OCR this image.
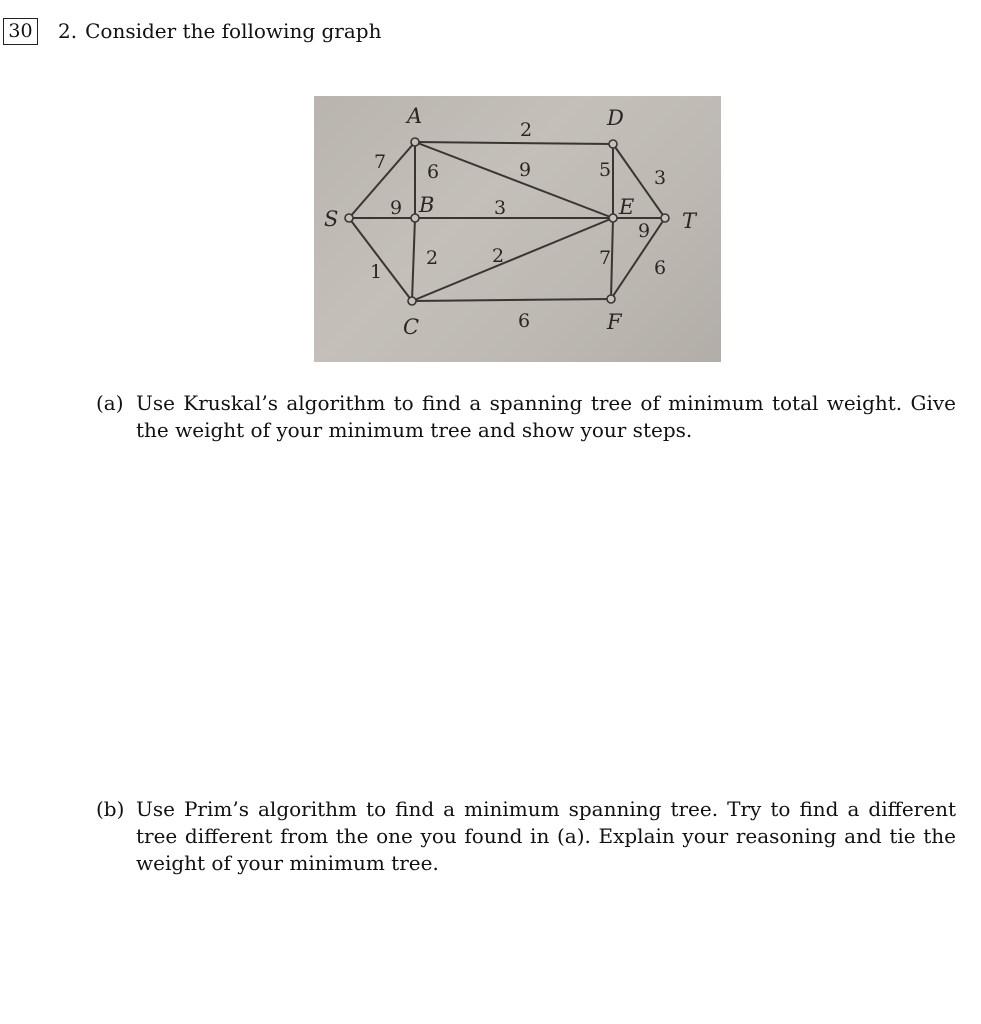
30 2. Consider the following graph
7
9
1
6
2
2
9
3
2
6
5 3
9
7 6
S
A
B
C
D
E
F
T
(a) Use Kruskal’s algorithm to find a spanning tree of minimum total weight. Give the weight of your minimum tree and show your steps.
(b) Use Prim’s algorithm to find a minimum spanning tree. Try to find a different tree different from the one you found in (a). Explain your reasoning and tie the weight of your minimum tree.
